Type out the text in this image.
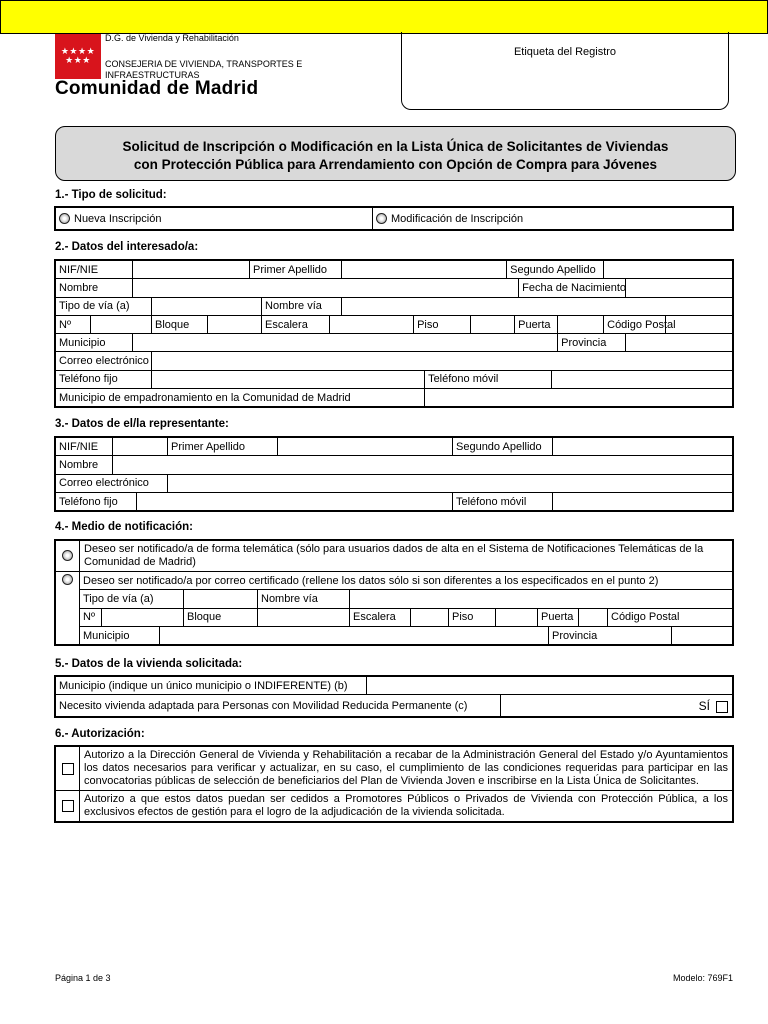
★★★★
★★★
D.G. de Vivienda y Rehabilitación
CONSEJERIA DE VIVIENDA, TRANSPORTES E
INFRAESTRUCTURAS
Comunidad de Madrid
Etiqueta del Registro
Solicitud de Inscripción o Modificación en la Lista Única de Solicitantes de Viviendas
con Protección Pública para Arrendamiento con Opción de Compra para Jóvenes
1.- Tipo de solicitud:
Nueva Inscripción	Modificación de Inscripción
2.- Datos del interesado/a:
NIF/NIE					Primer Apellido							Segundo Apellido							
Nombre														Fecha de Nacimiento					
Tipo de vía (a)						Nombre vía													
Nº			Bloque			Escalera			Piso				Puerta				Código Postal		
Municipio																Provincia			
Correo electrónico																			
Teléfono fijo										Teléfono móvil									
Municipio de empadronamiento en la Comunidad de Madrid																			
3.- Datos de el/la representante:
NIF/NIE			Primer Apellido		Segundo Apellido	
Nombre						
Correo electrónico						
Teléfono fijo					Teléfono móvil	
4.- Medio de notificación:
	Deseo ser notificado/a de forma telemática (sólo para usuarios dados de alta en el Sistema de Notificaciones Telemáticas de la Comunidad de Madrid)														
	Deseo ser notificado/a por correo certificado (rellene los datos sólo si son diferentes a los especificados en el punto 2)														
	Tipo de vía (a)				Nombre vía										
	Nº			Bloque		Escalera		Piso		Puerta			Código Postal		
	Municipio										Provincia				
5.- Datos de la vivienda solicitada:
Municipio (indique un único municipio o INDIFERENTE) (b)		
Necesito vivienda adaptada para Personas con Movilidad Reducida Permanente (c)		SÍ
6.- Autorización:
	Autorizo a la Dirección General de Vivienda y Rehabilitación a recabar de la Administración General del Estado y/o Ayuntamientos los datos necesarios para verificar y actualizar, en su caso, el cumplimiento de las condiciones requeridas para participar en las convocatorias públicas de selección de beneficiarios del Plan de Vivienda Joven e inscribirse en la Lista Única de Solicitantes.
	Autorizo a que estos datos puedan ser cedidos a Promotores Públicos o Privados de Vivienda con Protección Pública, a los exclusivos efectos de gestión para el logro de la adjudicación de la vivienda solicitada.
Página 1 de 3	Modelo: 769F1
